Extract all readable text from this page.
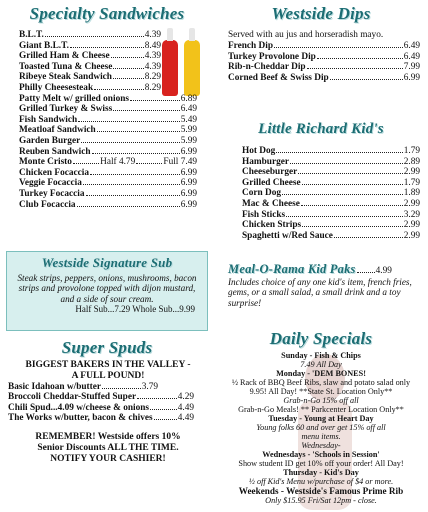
Specialty Sandwiches
B.L.T.	4.39
Giant B.L.T.	8.49
Grilled Ham & Cheese	4.39
Toasted Tuna & Cheese	4.39
Ribeye Steak Sandwich	8.29
Philly Cheesesteak	8.29
Patty Melt w/ grilled onions	6.89
Grilled Turkey & Swiss	6.49
Fish Sandwich	5.49
Meatloaf Sandwich	5.99
Garden Burger	5.99
Reuben Sandwich	6.99
Monte Cristo	Half 4.79	Full 7.49
Chicken Focaccia	6.99
Veggie Focaccia	6.99
Turkey Focaccia	6.99
Club Focaccia	6.99
Westside Signature Sub
Steak strips, peppers, onions, mushrooms, bacon strips and provolone topped with dijon mustard, and a side of sour cream.
Half Sub...7.29 Whole Sub...9.99
Super Spuds
BIGGEST BAKERS IN THE VALLEY -
A FULL POUND!
Basic Idahoan w/butter	3.79
Broccoli Cheddar-Stuffed Super	4.29
Chili Spud...4.09 w/cheese & onions	4.49
The Works w/butter, bacon & chives	4.49
REMEMBER! Westside offers 10%
Senior Discounts ALL THE TIME.
NOTIFY YOUR CASHIER!
Westside Dips
Served with au jus and horseradish mayo.
French Dip	6.49
Turkey Provolone Dip	6.49
Rib-n-Cheddar Dip	7.99
Corned Beef & Swiss Dip	6.99
Little Richard Kid's
Hot Dog	1.79
Hamburger	2.89
Cheeseburger	2.99
Grilled Cheese	1.79
Corn Dog	1.89
Mac & Cheese	2.99
Fish Sticks	3.29
Chicken Strips	2.99
Spaghetti w/Red Sauce	2.99
Meal-O-Rama Kid Paks 4.99
Includes choice of any one kid's item, french fries, gems, or a small salad, a small drink and a toy surprise!
Daily Specials
Sunday - Fish & Chips
7.49 All Day
Monday - 'DEM BONES!
½ Rack of BBQ Beef Ribs, slaw and potato salad only
9.95! All Day! **State St. Location Only**
Grab-n-Go 15% off all
Grab-n-Go Meals! ** Parkcenter Location Only**
Tuesday - Young at Heart Day
Young folks 60 and over get 15% off all
menu items.
Wednesday-
Wednesdays - 'Schools in Session'
Show student ID get 10% off your order! All Day!
Thursday - Kid's Day
½ off Kid's Menu w/purchase of $4 or more.
Weekends - Westside's Famous Prime Rib
Only $15.95 Fri/Sat 12pm - close.
